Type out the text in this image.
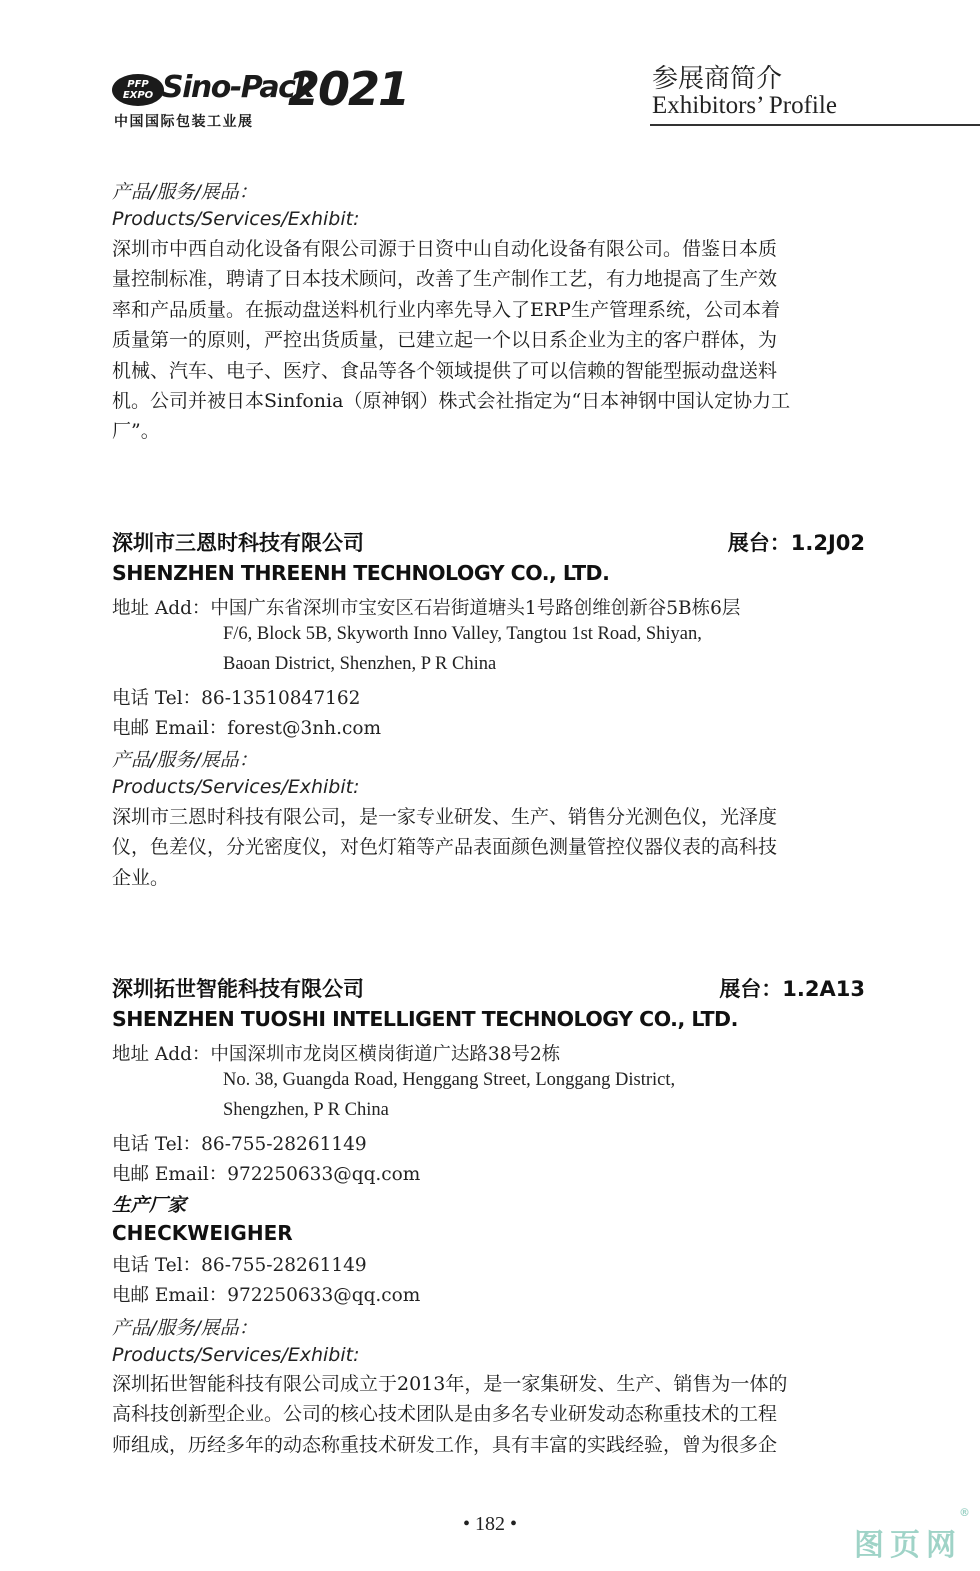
PFP
EXPO Sino-Pack
2021
中国国际包装工业展
参展商简介
Exhibitors’ Profile
产品/服务/展品：
Products/Services/Exhibit:
深圳市中西自动化设备有限公司源于日资中山自动化设备有限公司。借鉴日本质
量控制标准，聘请了日本技术顾问，改善了生产制作工艺，有力地提高了生产效
率和产品质量。在振动盘送料机行业内率先导入了ERP生产管理系统，公司本着
质量第一的原则，严控出货质量，已建立起一个以日系企业为主的客户群体，为
机械、汽车、电子、医疗、食品等各个领域提供了可以信赖的智能型振动盘送料
机。公司并被日本Sinfonia（原神钢）株式会社指定为“日本神钢中国认定协力工
厂”。
深圳市三恩时科技有限公司	展台：1.2J02
SHENZHEN THREENH TECHNOLOGY CO., LTD.
地址 Add：中国广东省深圳市宝安区石岩街道塘头1号路创维创新谷5B栋6层
F/6, Block 5B, Skyworth Inno Valley, Tangtou 1st Road, Shiyan,
Baoan District, Shenzhen, P R China
电话 Tel：86-13510847162
电邮 Email：forest@3nh.com
产品/服务/展品：
Products/Services/Exhibit:
深圳市三恩时科技有限公司，是一家专业研发、生产、销售分光测色仪，光泽度
仪，色差仪，分光密度仪，对色灯箱等产品表面颜色测量管控仪器仪表的高科技
企业。
深圳拓世智能科技有限公司	展台：1.2A13
SHENZHEN TUOSHI INTELLIGENT TECHNOLOGY CO., LTD.
地址 Add：中国深圳市龙岗区横岗街道广达路38号2栋
No. 38, Guangda Road, Henggang Street, Longgang District,
Shengzhen, P R China
电话 Tel：86-755-28261149
电邮 Email：972250633@qq.com
生产厂家
CHECKWEIGHER
电话 Tel：86-755-28261149
电邮 Email：972250633@qq.com
产品/服务/展品：
Products/Services/Exhibit:
深圳拓世智能科技有限公司成立于2013年，是一家集研发、生产、销售为一体的
高科技创新型企业。公司的核心技术团队是由多名专业研发动态称重技术的工程
师组成，历经多年的动态称重技术研发工作，具有丰富的实践经验，曾为很多企
• 182 •
图页网
®
